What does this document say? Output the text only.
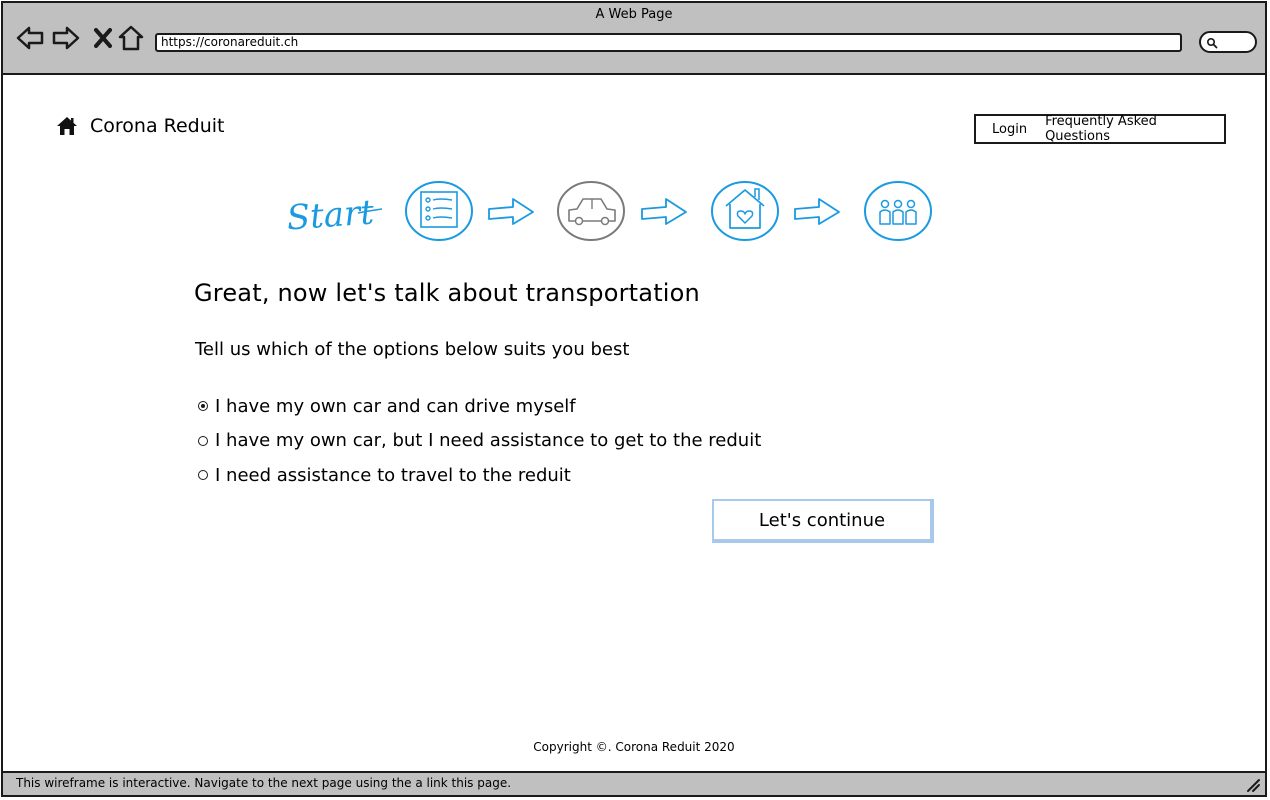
A Web Page
https://coronareduit.ch
Corona Reduit	Login Frequently Asked Questions
Start
Great, now let's talk about transportation

Tell us which of the options below suits you best

I have my own car and can drive myself
I have my own car, but I need assistance to get to the reduit
I need assistance to travel to the reduit
Let's continue
Copyright ©. Corona Reduit 2020
This wireframe is interactive. Navigate to the next page using the a link this page.
